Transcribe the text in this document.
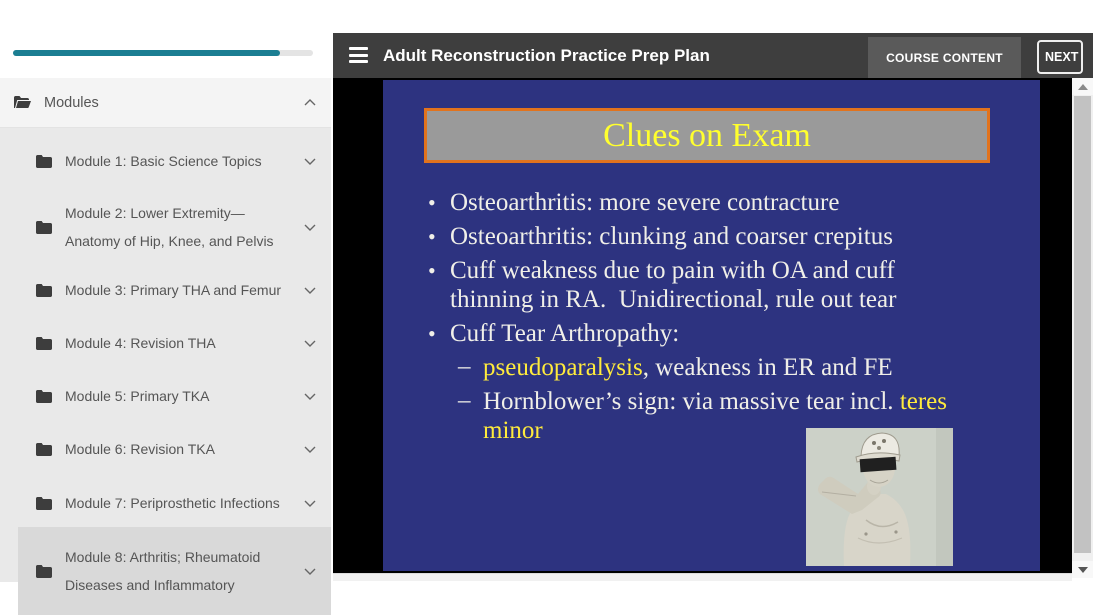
Modules
Module 1: Basic Science Topics
Module 2: Lower Extremity—
Anatomy of Hip, Knee, and Pelvis
Module 3: Primary THA and Femur
Module 4: Revision THA
Module 5: Primary TKA
Module 6: Revision TKA
Module 7: Periprosthetic Infections
Module 8: Arthritis; Rheumatoid
Diseases and Inflammatory
Adult Reconstruction Practice Prep Plan	COURSE CONTENT	NEXT
Clues on Exam
• Osteoarthritis: more severe contracture
• Osteoarthritis: clunking and coarser crepitus
• Cuff weakness due to pain with OA and cuff
thinning in RA.  Unidirectional, rule out tear
• Cuff Tear Arthropathy:
– pseudoparalysis, weakness in ER and FE
– Hornblower’s sign: via massive tear incl. teres
minor
